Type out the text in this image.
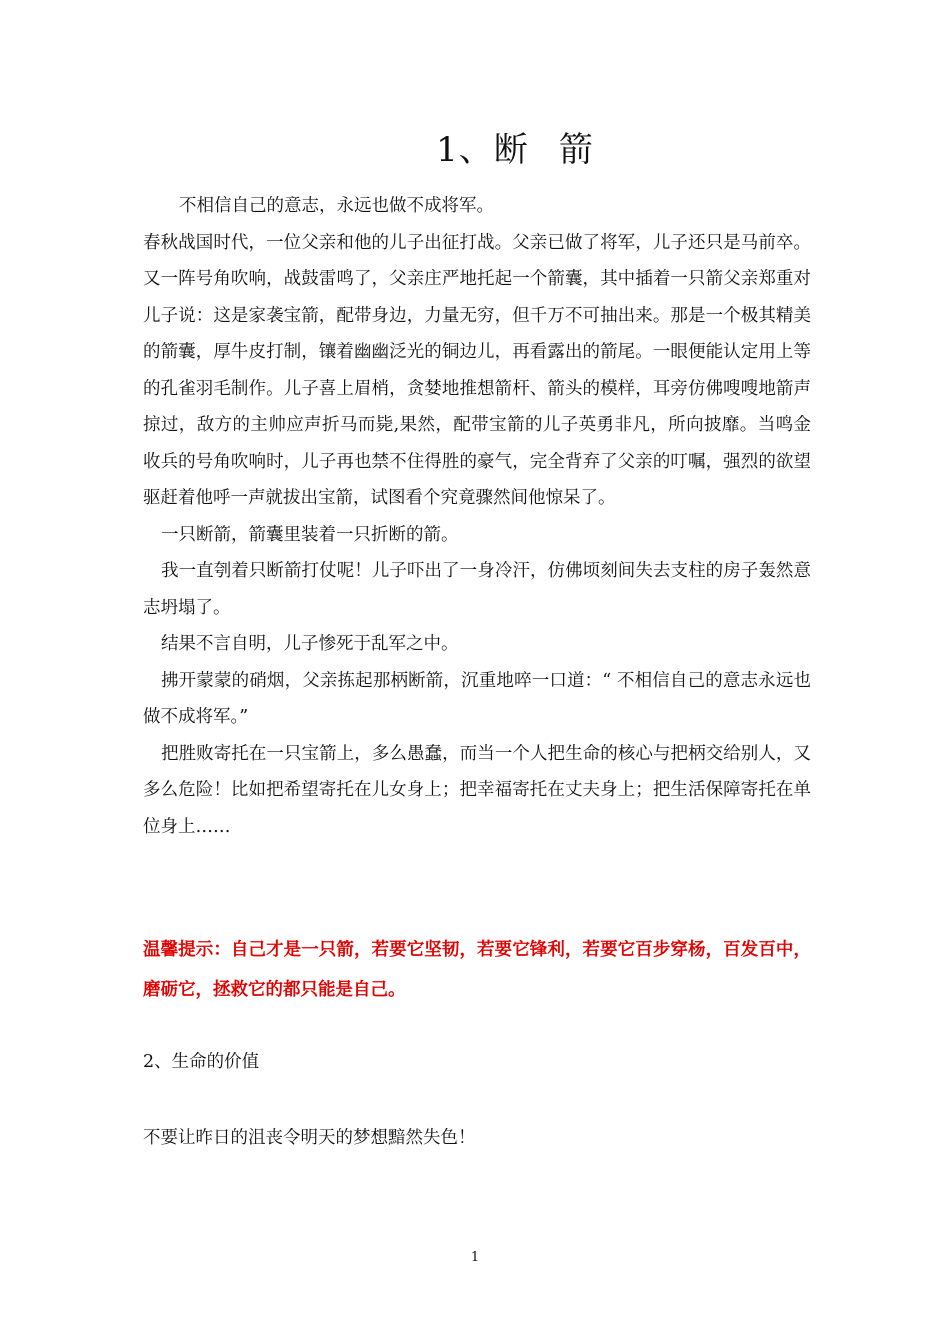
1、断 箭

不相信自己的意志，永远也做不成将军。

春秋战国时代，一位父亲和他的儿子出征打战。父亲已做了将军，儿子还只是马前卒。又一阵号角吹响，战鼓雷鸣了，父亲庄严地托起一个箭囊，其中插着一只箭父亲郑重对儿子说：这是家袭宝箭，配带身边，力量无穷，但千万不可抽出来。那是一个极其精美的箭囊，厚牛皮打制，镶着幽幽泛光的铜边儿，再看露出的箭尾。一眼便能认定用上等的孔雀羽毛制作。儿子喜上眉梢，贪婪地推想箭杆、箭头的模样，耳旁仿佛嗖嗖地箭声掠过，敌方的主帅应声折马而毙,果然，配带宝箭的儿子英勇非凡，所向披靡。当鸣金收兵的号角吹响时，儿子再也禁不住得胜的豪气，完全背弃了父亲的叮嘱，强烈的欲望驱赶着他呼一声就拔出宝箭，试图看个究竟骤然间他惊呆了。

一只断箭，箭囊里装着一只折断的箭。

我一直刳着只断箭打仗呢！儿子吓出了一身冷汗，仿佛顷刻间失去支柱的房子轰然意志坍塌了。

结果不言自明，儿子惨死于乱军之中。

拂开蒙蒙的硝烟，父亲拣起那柄断箭，沉重地啐一口道：“ 不相信自己的意志永远也做不成将军。”

把胜败寄托在一只宝箭上，多么愚蠢，而当一个人把生命的核心与把柄交给别人，又多么危险！比如把希望寄托在儿女身上；把幸福寄托在丈夫身上；把生活保障寄托在单位身上……

温馨提示：自己才是一只箭，若要它坚韧，若要它锋利，若要它百步穿杨，百发百中，磨砺它，拯救它的都只能是自己。

2、生命的价值

不要让昨日的沮丧令明天的梦想黯然失色！

1
